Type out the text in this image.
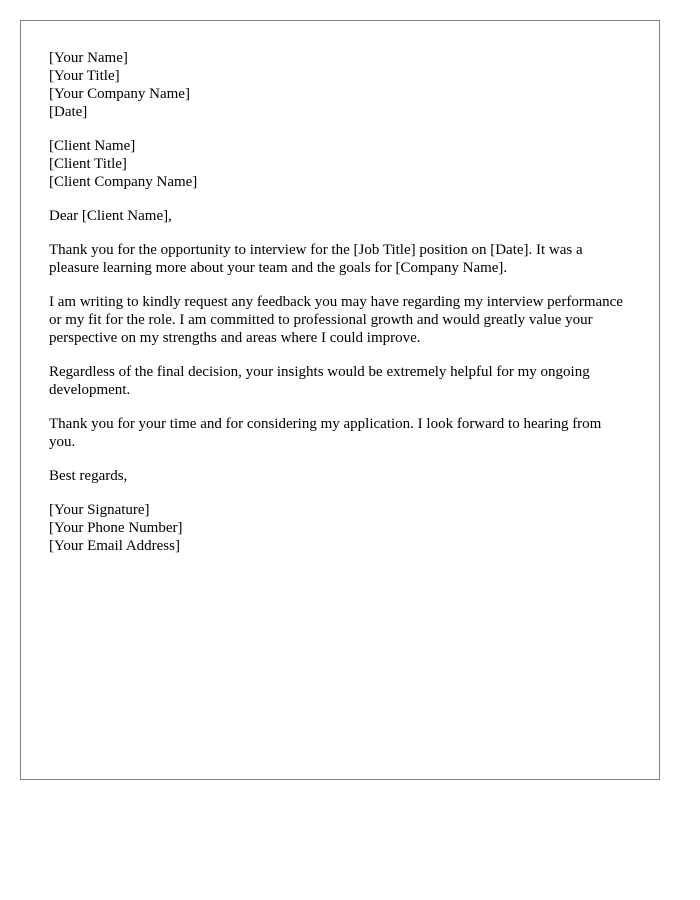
[Your Name]
[Your Title]
[Your Company Name]
[Date]
[Client Name]
[Client Title]
[Client Company Name]

Dear [Client Name],

Thank you for the opportunity to interview for the [Job Title] position on [Date]. It was a pleasure learning more about your team and the goals for [Company Name].

I am writing to kindly request any feedback you may have regarding my interview performance or my fit for the role. I am committed to professional growth and would greatly value your perspective on my strengths and areas where I could improve.

Regardless of the final decision, your insights would be extremely helpful for my ongoing development.

Thank you for your time and for considering my application. I look forward to hearing from you.

Best regards,

[Your Signature]
[Your Phone Number]
[Your Email Address]
